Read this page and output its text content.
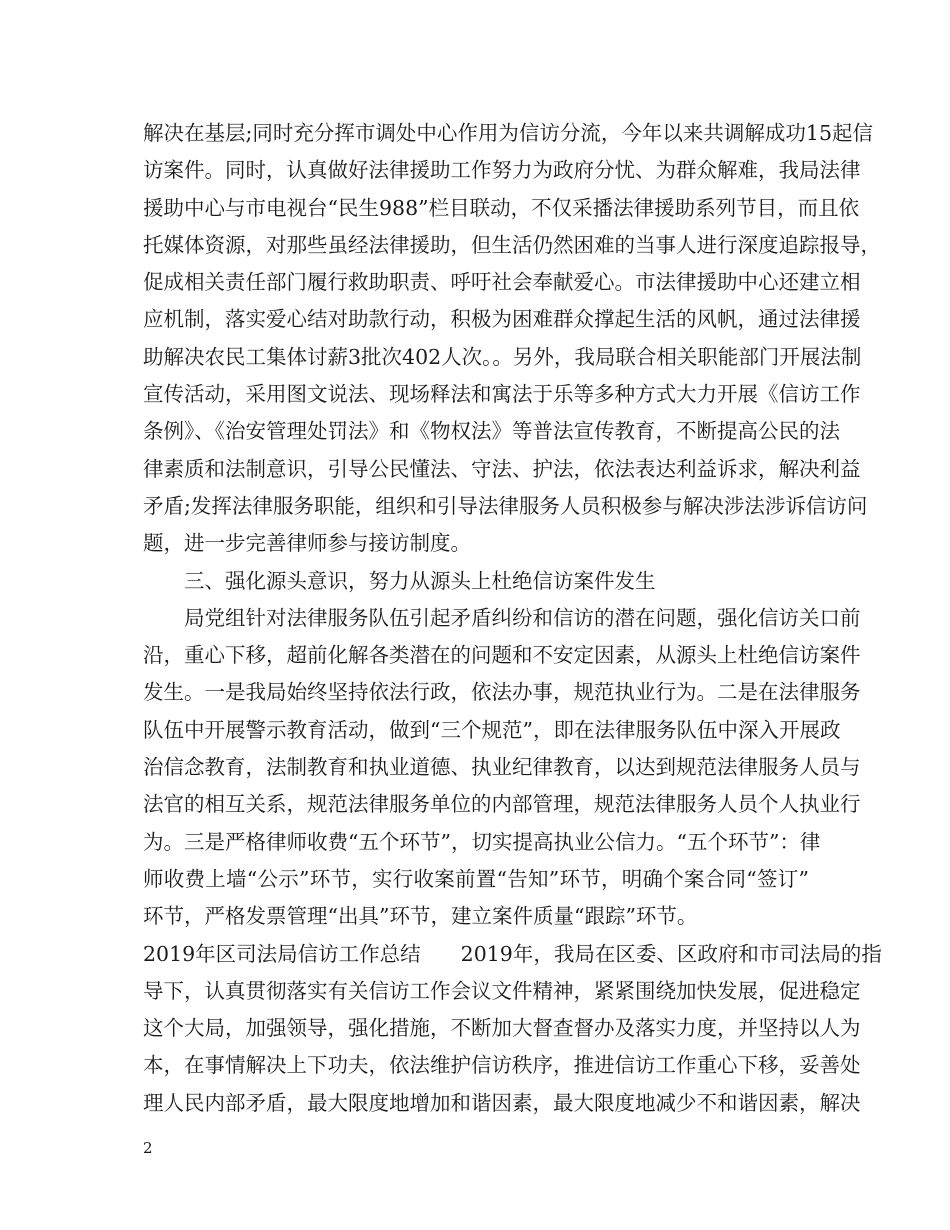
解决在基层;同时充分挥市调处中心作用为信访分流，今年以来共调解成功15起信
访案件。同时，认真做好法律援助工作努力为政府分忧、为群众解难，我局法律
援助中心与市电视台“民生988”栏目联动，不仅采播法律援助系列节目，而且依
托媒体资源，对那些虽经法律援助，但生活仍然困难的当事人进行深度追踪报导，
促成相关责任部门履行救助职责、呼吁社会奉献爱心。市法律援助中心还建立相
应机制，落实爱心结对助款行动，积极为困难群众撑起生活的风帆，通过法律援
助解决农民工集体讨薪3批次402人次。。另外，我局联合相关职能部门开展法制
宣传活动，采用图文说法、现场释法和寓法于乐等多种方式大力开展《信访工作
条例》、《治安管理处罚法》和《物权法》等普法宣传教育，不断提高公民的法
律素质和法制意识，引导公民懂法、守法、护法，依法表达利益诉求，解决利益
矛盾;发挥法律服务职能，组织和引导法律服务人员积极参与解决涉法涉诉信访问
题，进一步完善律师参与接访制度。
三、强化源头意识，努力从源头上杜绝信访案件发生
局党组针对法律服务队伍引起矛盾纠纷和信访的潜在问题，强化信访关口前
沿，重心下移，超前化解各类潜在的问题和不安定因素，从源头上杜绝信访案件
发生。一是我局始终坚持依法行政，依法办事，规范执业行为。二是在法律服务
队伍中开展警示教育活动，做到“三个规范”，即在法律服务队伍中深入开展政
治信念教育，法制教育和执业道德、执业纪律教育，以达到规范法律服务人员与
法官的相互关系，规范法律服务单位的内部管理，规范法律服务人员个人执业行
为。三是严格律师收费“五个环节”，切实提高执业公信力。“五个环节”：律
师收费上墙“公示”环节，实行收案前置“告知”环节，明确个案合同“签订”
环节，严格发票管理“出具”环节，建立案件质量“跟踪”环节。
2019年区司法局信访工作总结 2019年，我局在区委、区政府和市司法局的指
导下，认真贯彻落实有关信访工作会议文件精神，紧紧围绕加快发展，促进稳定
这个大局，加强领导，强化措施，不断加大督查督办及落实力度，并坚持以人为
本，在事情解决上下功夫，依法维护信访秩序，推进信访工作重心下移，妥善处
理人民内部矛盾，最大限度地增加和谐因素，最大限度地减少不和谐因素，解决
2
